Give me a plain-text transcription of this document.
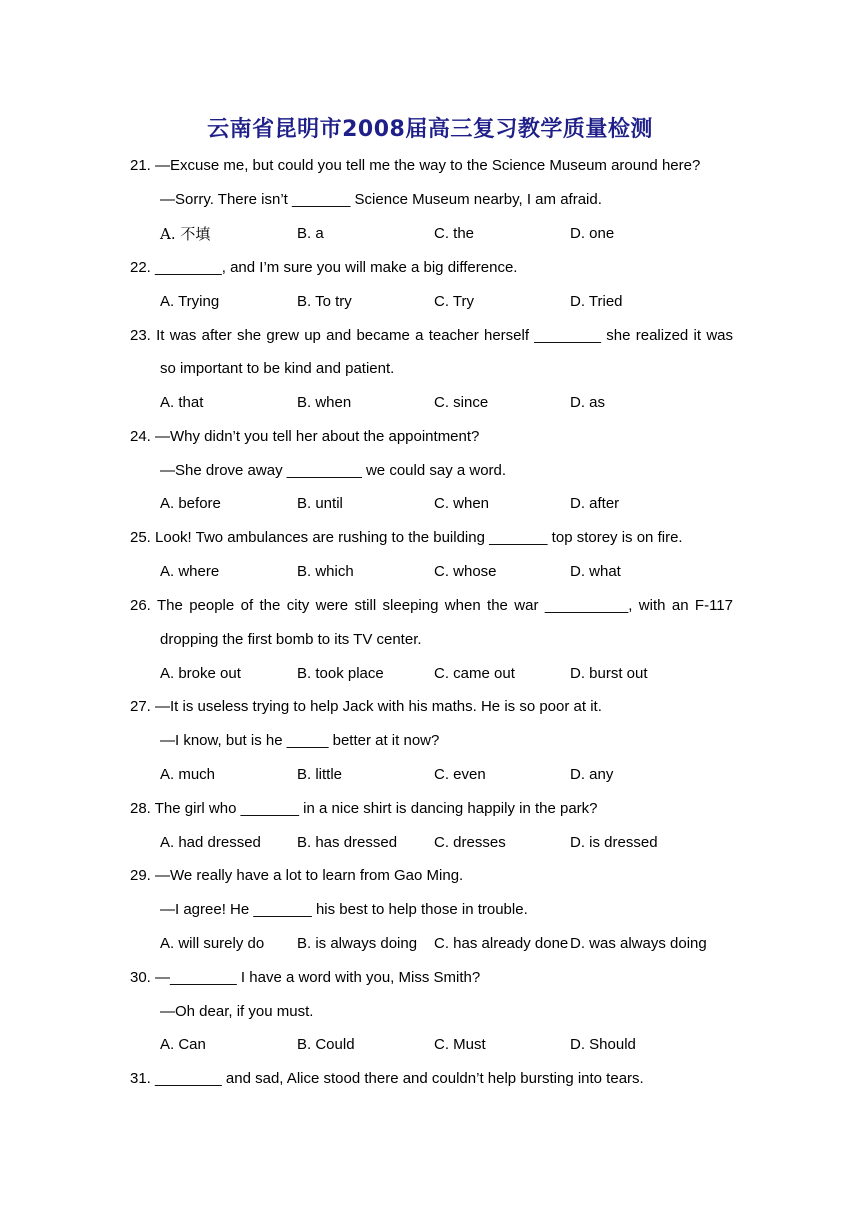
云南省昆明市2008届高三复习教学质量检测
21. —Excuse me, but could you tell me the way to the Science Museum around here?
—Sorry. There isn’t _______ Science Museum nearby, I am afraid.
A. 不填	B. a	C. the	D. one
22. ________, and I’m sure you will make a big difference.
A. Trying	B. To try	C. Try	D. Tried
23. It was after she grew up and became a teacher herself ________ she realized it was
so important to be kind and patient.
A. that	B. when	C. since	D. as
24. —Why didn’t you tell her about the appointment?
—She drove away _________ we could say a word.
A. before	B. until	C. when	D. after
25. Look! Two ambulances are rushing to the building _______ top storey is on fire.
A. where	B. which	C. whose	D. what
26. The people of the city were still sleeping when the war __________, with an F-117
dropping the first bomb to its TV center.
A. broke out	B. took place	C. came out	D. burst out
27. —It is useless trying to help Jack with his maths. He is so poor at it.
—I know, but is he _____ better at it now?
A. much	B. little	C. even	D. any
28. The girl who _______ in a nice shirt is dancing happily in the park?
A. had dressed B. has dressed C. dresses	D. is dressed
29. —We really have a lot to learn from Gao Ming.
—I agree! He _______ his best to help those in trouble.
A. will surely do B. is always doing C. has already done D. was always doing
30. —________ I have a word with you, Miss Smith?
—Oh dear, if you must.
A. Can	B. Could	C. Must	D. Should
31. ________ and sad, Alice stood there and couldn’t help bursting into tears.
